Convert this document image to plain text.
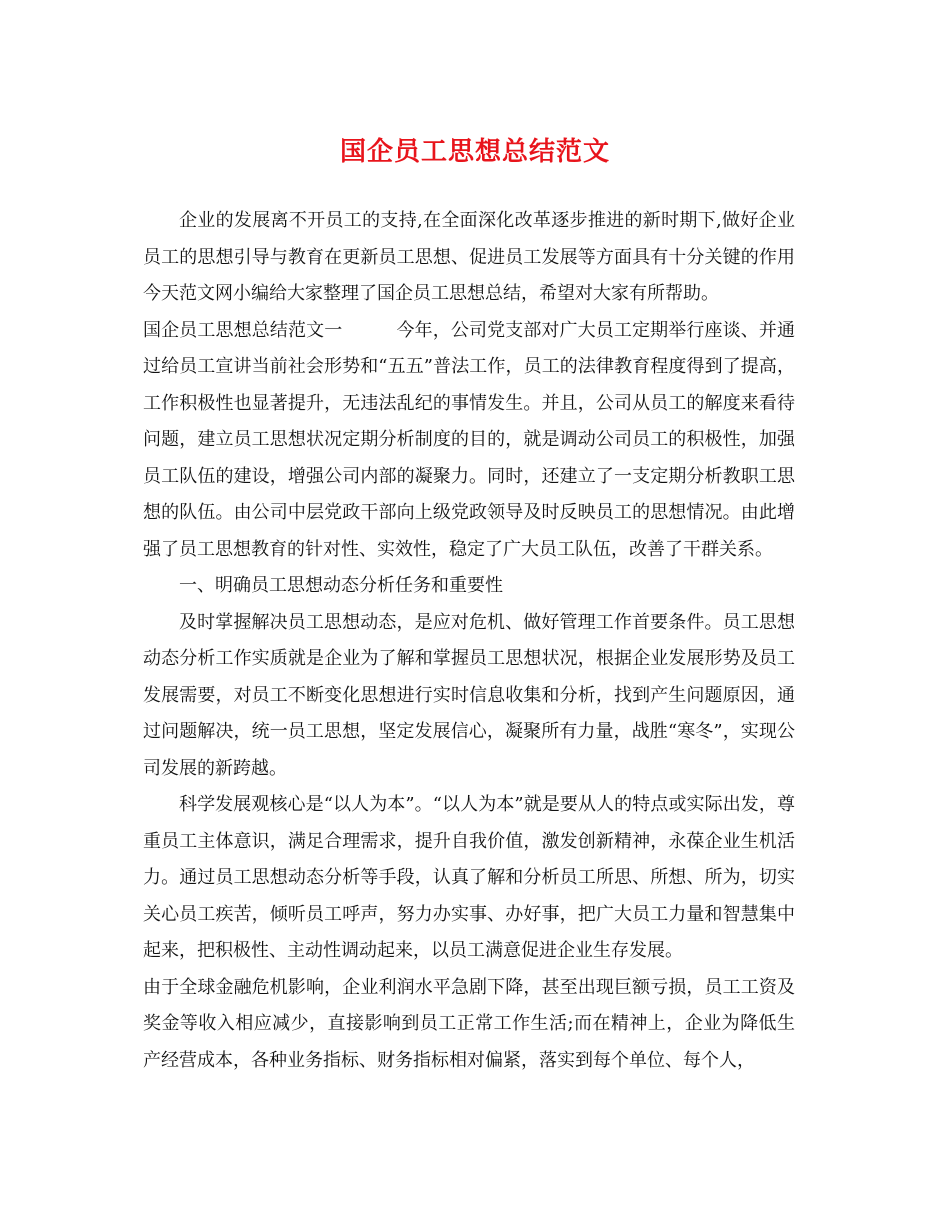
国企员工思想总结范文

企业的发展离不开员工的支持,在全面深化改革逐步推进的新时期下,做好企业员工的思想引导与教育在更新员工思想、促进员工发展等方面具有十分关键的作用今天范文网小编给大家整理了国企员工思想总结，希望对大家有所帮助。

国企员工思想总结范文一	今年，公司党支部对广大员工定期举行座谈、并通过给员工宣讲当前社会形势和“五五”普法工作，员工的法律教育程度得到了提高，工作积极性也显著提升，无违法乱纪的事情发生。并且，公司从员工的解度来看待问题，建立员工思想状况定期分析制度的目的，就是调动公司员工的积极性，加强员工队伍的建设，增强公司内部的凝聚力。同时，还建立了一支定期分析教职工思想的队伍。由公司中层党政干部向上级党政领导及时反映员工的思想情况。由此增强了员工思想教育的针对性、实效性，稳定了广大员工队伍，改善了干群关系。

一、明确员工思想动态分析任务和重要性

及时掌握解决员工思想动态，是应对危机、做好管理工作首要条件。员工思想动态分析工作实质就是企业为了解和掌握员工思想状况，根据企业发展形势及员工发展需要，对员工不断变化思想进行实时信息收集和分析，找到产生问题原因，通过问题解决，统一员工思想，坚定发展信心，凝聚所有力量，战胜“寒冬”，实现公司发展的新跨越。

科学发展观核心是“以人为本”。“以人为本”就是要从人的特点或实际出发，尊重员工主体意识，满足合理需求，提升自我价值，激发创新精神，永葆企业生机活力。通过员工思想动态分析等手段，认真了解和分析员工所思、所想、所为，切实关心员工疾苦，倾听员工呼声，努力办实事、办好事，把广大员工力量和智慧集中起来，把积极性、主动性调动起来，以员工满意促进企业生存发展。

由于全球金融危机影响，企业利润水平急剧下降，甚至出现巨额亏损，员工工资及奖金等收入相应减少，直接影响到员工正常工作生活;而在精神上，企业为降低生产经营成本，各种业务指标、财务指标相对偏紧，落实到每个单位、每个人，
